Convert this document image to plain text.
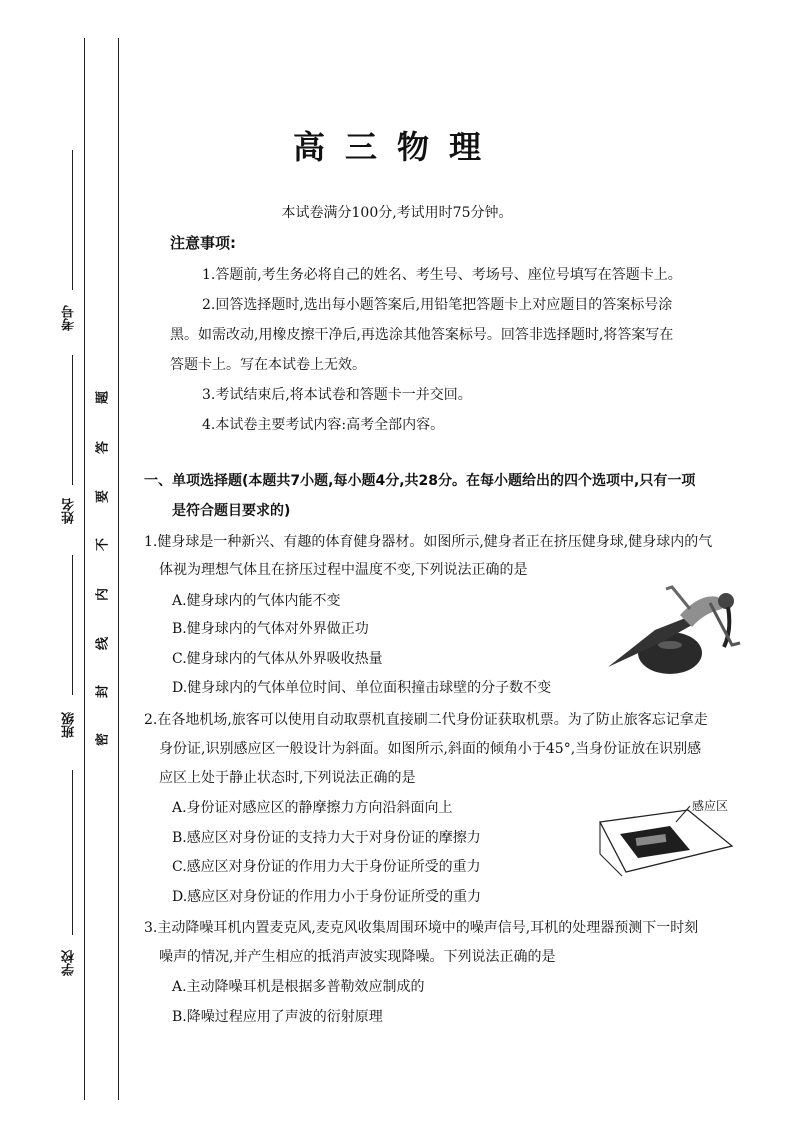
考号
姓名
班级
学校
题
答
要
不
内
线
封
密
高三物理
本试卷满分100分,考试用时75分钟。
注意事项:
1.答题前,考生务必将自己的姓名、考生号、考场号、座位号填写在答题卡上。
2.回答选择题时,选出每小题答案后,用铅笔把答题卡上对应题目的答案标号涂
黑。如需改动,用橡皮擦干净后,再选涂其他答案标号。回答非选择题时,将答案写在
答题卡上。写在本试卷上无效。
3.考试结束后,将本试卷和答题卡一并交回。
4.本试卷主要考试内容:高考全部内容。
一、单项选择题(本题共7小题,每小题4分,共28分。在每小题给出的四个选项中,只有一项
是符合题目要求的)
1.健身球是一种新兴、有趣的体育健身器材。如图所示,健身者正在挤压健身球,健身球内的气
体视为理想气体且在挤压过程中温度不变,下列说法正确的是
A.健身球内的气体内能不变
B.健身球内的气体对外界做正功
C.健身球内的气体从外界吸收热量
D.健身球内的气体单位时间、单位面积撞击球壁的分子数不变
2.在各地机场,旅客可以使用自动取票机直接刷二代身份证获取机票。为了防止旅客忘记拿走
身份证,识别感应区一般设计为斜面。如图所示,斜面的倾角小于45°,当身份证放在识别感
应区上处于静止状态时,下列说法正确的是
A.身份证对感应区的静摩擦力方向沿斜面向上
B.感应区对身份证的支持力大于对身份证的摩擦力
C.感应区对身份证的作用力大于身份证所受的重力
D.感应区对身份证的作用力小于身份证所受的重力
感应区
3.主动降噪耳机内置麦克风,麦克风收集周围环境中的噪声信号,耳机的处理器预测下一时刻
噪声的情况,并产生相应的抵消声波实现降噪。下列说法正确的是
A.主动降噪耳机是根据多普勒效应制成的
B.降噪过程应用了声波的衍射原理
